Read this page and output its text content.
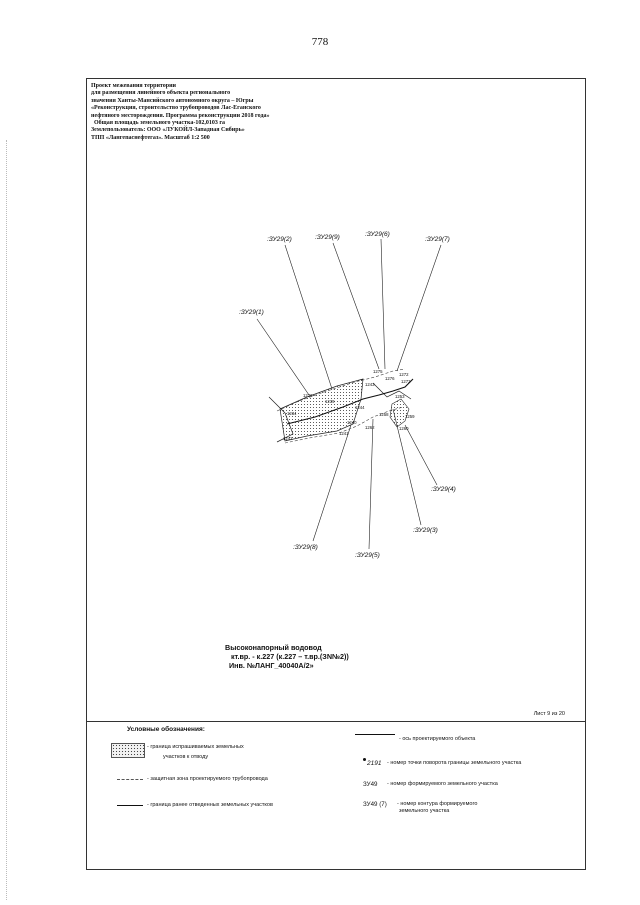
778
Проект межевания территории
для размещения линейного объекта регионального
значения Ханты-Мансийского автономного округа – Югры
«Реконструкция, строительство трубопроводов Лас-Еганского
нефтяного месторождения. Программа реконструкции 2018 года»
Общая площадь земельного участка-102,0103 га
Землепользователь: ООО «ЛУКОЙЛ-Западная Сибирь»
ТПП «Лангепаснефтегаз». Масштаб 1:2 500
:ЗУ29(1)
:ЗУ29(2)	:ЗУ29(9)	:ЗУ29(6)
:ЗУ29(7)
:ЗУ29(4)
:ЗУ29(3)
:ЗУ29(5)
:ЗУ29(8)
1275
1276
1272
1273
1243
1236
1239
1234
1253
1244
1258	1259
1260
1240
1262
1241
1242
Высоконапорный водовод
кт.вр. - к.227 (к.227 – т.вр.(ЗN№2))
Инв. №ЛАНГ_40040А/2»
Лист 9 из 20
Условные обозначения:
- граница испрашиваемых земельных
участков к отводу
- защитная зона проектируемого трубопровода
- граница ранее отведенных земельных участков
- ось проектируемого объекта
2191 - номер точки поворота границы земельного участка
ЗУ49 - номер формируемого земельного участка
ЗУ49 (7) - номер контура формируемого
земельного участка
